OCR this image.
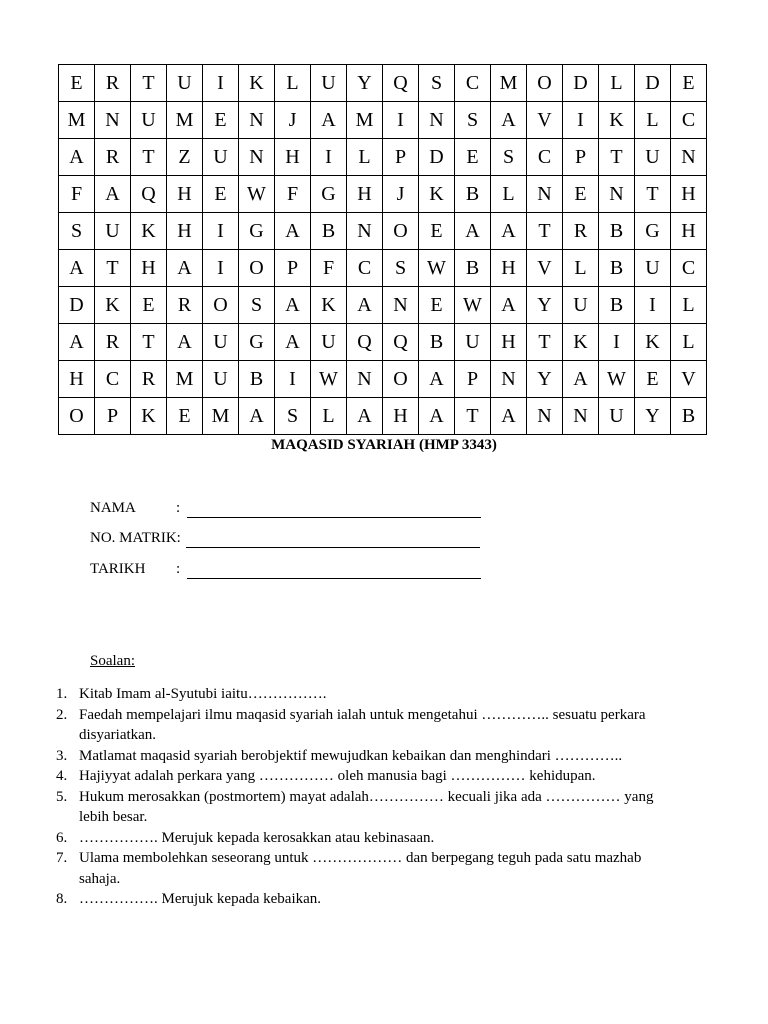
E	R	T	U	I	K	L	U	Y	Q	S	C	M	O	D	L	D	E
M	N	U	M	E	N	J	A	M	I	N	S	A	V	I	K	L	C
A	R	T	Z	U	N	H	I	L	P	D	E	S	C	P	T	U	N
F	A	Q	H	E	W	F	G	H	J	K	B	L	N	E	N	T	H
S	U	K	H	I	G	A	B	N	O	E	A	A	T	R	B	G	H
A	T	H	A	I	O	P	F	C	S	W	B	H	V	L	B	U	C
D	K	E	R	O	S	A	K	A	N	E	W	A	Y	U	B	I	L
A	R	T	A	U	G	A	U	Q	Q	B	U	H	T	K	I	K	L
H	C	R	M	U	B	I	W	N	O	A	P	N	Y	A	W	E	V
O	P	K	E	M	A	S	L	A	H	A	T	A	N	N	U	Y	B
MAQASID SYARIAH (HMP 3343)
NAMA	:
NO. MATRIK:
TARIKH :
Soalan:
1. Kitab Imam al-Syutubi iaitu…………….
2. Faedah mempelajari ilmu maqasid syariah ialah untuk mengetahui ………….. sesuatu perkara disyariatkan.
3. Matlamat maqasid syariah berobjektif mewujudkan kebaikan dan menghindari …………..
4. Hajiyyat adalah perkara yang …………… oleh manusia bagi …………… kehidupan.
5. Hukum merosakkan (postmortem) mayat adalah…………… kecuali jika ada …………… yang lebih besar.
6. ……………. Merujuk kepada kerosakkan atau kebinasaan.
7. Ulama membolehkan seseorang untuk ……………… dan berpegang teguh pada satu mazhab sahaja.
8. ……………. Merujuk kepada kebaikan.
